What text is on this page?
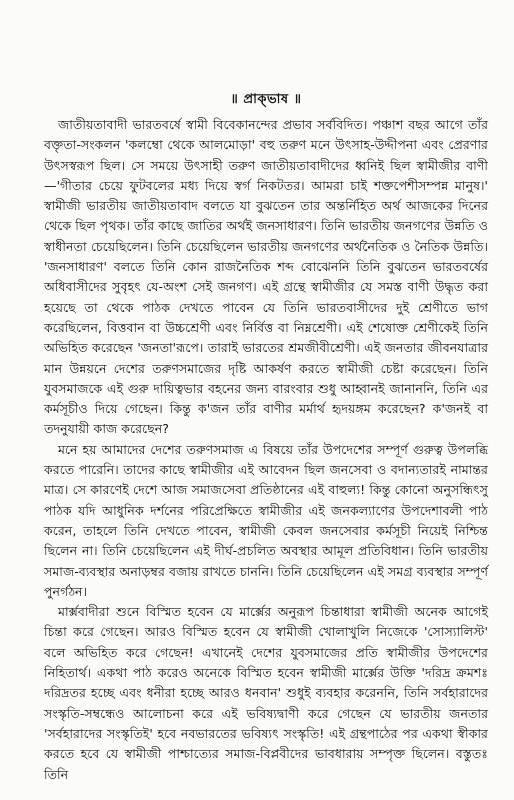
॥ প্রাক্‌ভাষ ॥

জাতীয়তাবাদী ভারতবর্ষে স্বামী বিবেকানন্দের প্রভাব সর্ববিদিত। পঞ্চাশ বছর আগে তাঁর বক্তৃতা-সংকলন 'কলম্বো থেকে আলমোড়া' বহু তরুণ মনে উৎসাহ-উদ্দীপনা এবং প্রেরণার উৎসস্বরূপ ছিল। সে সময়ে উৎসাহী তরুণ জাতীয়তাবাদীদের ধ্বনিই ছিল স্বামীজীর বাণী—'গীতার চেয়ে ফুটবলের মধ্য দিয়ে স্বর্গ নিকটতর। আমরা চাই শক্তপেশীসম্পন্ন মানুষ।' স্বামীজী ভারতীয় জাতীয়তাবাদ বলতে যা বুঝতেন তার অন্তর্নিহিত অর্থ আজকের দিনের থেকে ছিল পৃথক। তাঁর কাছে জাতির অর্থই জনসাধারণ। তিনি ভারতীয় জনগণের উন্নতি ও স্বাধীনতা চেয়েছিলেন। তিনি চেয়েছিলেন ভারতীয় জনগণের অর্থনৈতিক ও নৈতিক উন্নতি। 'জনসাধারণ' বলতে তিনি কোন রাজনৈতিক শব্দ বোঝেননি তিনি বুঝতেন ভারতবর্ষের অধিবাসীদের সুবৃহৎ যে-অংশ সেই জনগণ। এই গ্রন্থে স্বামীজীর যে সমস্ত বাণী উদ্ধৃত করা হয়েছে তা থেকে পাঠক দেখতে পাবেন যে তিনি ভারতবাসীদের দুই শ্রেণীতে ভাগ করেছিলেন, বিত্তবান বা উচ্চশ্রেণী এবং নির্বিত্ত বা নিম্নশ্রেণী। এই শেষোক্ত শ্রেণীকেই তিনি অভিহিত করেছেন 'জনতা'রূপে। তারাই ভারতের শ্রমজীবীশ্রেণী। এই জনতার জীবনযাত্রার মান উন্নয়নে দেশের তরুণসমাজের দৃষ্টি আকর্ষণ করতে স্বামীজী চেষ্টা করেছেন। তিনি যুবসমাজকে এই গুরু দায়িত্বভার বহনের জন্য বারংবার শুধু আহ্বানই জানাননি, তিনি এর কর্মসূচীও দিয়ে গেছেন। কিন্তু ক'জন তাঁর বাণীর মর্মার্থ হৃদয়ঙ্গম করেছেন? ক'জনই বা তদনুযায়ী কাজ করেছেন?

মনে হয় আমাদের দেশের তরুণসমাজ এ বিষয়ে তাঁর উপদেশের সম্পূর্ণ গুরুত্ব উপলব্ধি করতে পারেনি। তাদের কাছে স্বামীজীর এই আবেদন ছিল জনসেবা ও বদান্যতারই নামান্তর মাত্র। সে কারণেই দেশে আজ সমাজসেবা প্রতিষ্ঠানের এই বাহুল্য! কিন্তু কোনো অনুসন্ধিৎসু পাঠক যদি আধুনিক দর্শনের পরিপ্রেক্ষিতে স্বামীজীর এই জনকল্যাণের উপদেশাবলী পাঠ করেন, তাহলে তিনি দেখতে পাবেন, স্বামীজী কেবল জনসেবার কর্মসূচী নিয়েই নিশ্চিন্ত ছিলেন না। তিনি চেয়েছিলেন এই দীর্ঘ-প্রচলিত অবস্থার আমূল প্রতিবিধান। তিনি ভারতীয় সমাজ-ব্যবস্থার অনাড়ম্বর বজায় রাখতে চাননি। তিনি চেয়েছিলেন এই সমগ্র ব্যবস্থার সম্পূর্ণ পুনর্গঠন।

মার্ক্সবাদীরা শুনে বিস্মিত হবেন যে মার্ক্সের অনুরূপ চিন্তাধারা স্বামীজী অনেক আগেই চিন্তা করে গেছেন। আরও বিস্মিত হবেন যে স্বামীজী খোলাখুলি নিজেকে 'সোস্যালিস্ট' বলে অভিহিত করে গেছেন! এখানেই দেশের যুবসমাজের প্রতি স্বামীজীর উপদেশের নিহিতার্থ। একথা পাঠ করেও অনেকে বিস্মিত হবেন স্বামীজী মার্ক্সের উক্তি 'দরিদ্র ক্রমশঃ দরিদ্রতর হচ্ছে এবং ধনীরা হচ্ছে আরও ধনবান' শুধুই ব্যবহার করেননি, তিনি সর্বহারাদের সংস্কৃতি-সম্বন্ধেও আলোচনা করে এই ভবিষ্যদ্বাণী করে গেছেন যে ভারতীয় জনতার 'সর্বহারাদের সংস্কৃতিই' হবে নবভারতের ভবিষ্যৎ সংস্কৃতি! এই গ্রন্থপাঠের পর একথা স্বীকার করতে হবে যে স্বামীজী পাশ্চাত্যের সমাজ-বিপ্লবীদের ভাবধারায় সম্পৃক্ত ছিলেন। বস্তুতঃ তিনি
